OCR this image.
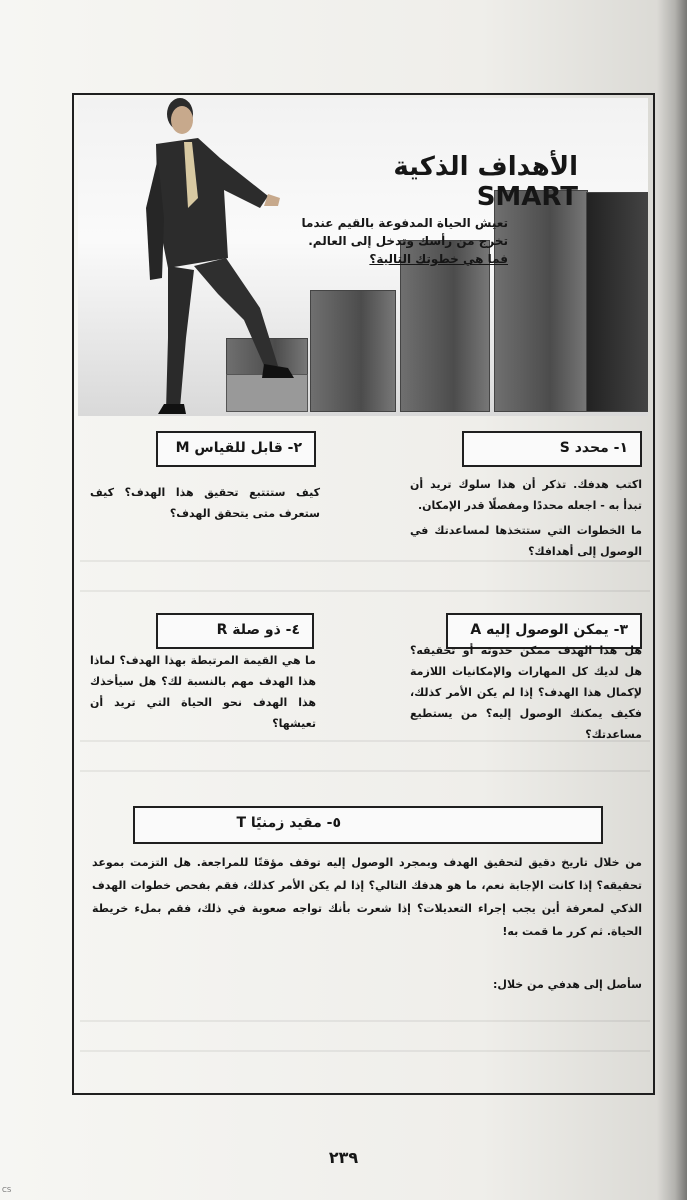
الأهداف الذكية SMART
تعيش الحياة المدفوعة بالقيم عندما
تخرج من رأسك وتدخل إلى العالم.
فما هي خطوتك التالية؟
١- محدد S
٢- قابل للقياس M

اكتب هدفك. تذكر أن هذا سلوك تريد أن تبدأ به - اجعله محددًا ومفصلًا قدر الإمكان.

ما الخطوات التي ستتخذها لمساعدتك في الوصول إلى أهدافك؟

كيف ستتتبع تحقيق هذا الهدف؟ كيف ستعرف متى يتحقق الهدف؟

٣- يمكن الوصول إليه A
٤- ذو صلة R

هل هذا الهدف ممكن حدوثه أو تحقيقه؟ هل لديك كل المهارات والإمكانيات اللازمة لإكمال هذا الهدف؟ إذا لم يكن الأمر كذلك، فكيف يمكنك الوصول إليه؟ من يستطيع مساعدتك؟

ما هي القيمة المرتبطة بهذا الهدف؟ لماذا هذا الهدف مهم بالنسبة لك؟ هل سيأخذك هذا الهدف نحو الحياة التي تريد أن تعيشها؟

٥- مقيد زمنيًا T

من خلال تاريخ دقيق لتحقيق الهدف وبمجرد الوصول إليه توقف مؤقتًا للمراجعة. هل التزمت بموعد تحقيقه؟ إذا كانت الإجابة نعم، ما هو هدفك التالي؟ إذا لم يكن الأمر كذلك، فقم بفحص خطوات الهدف الذكي لمعرفة أين يجب إجراء التعديلات؟ إذا شعرت بأنك تواجه صعوبة في ذلك، فقم بملء خريطة الحياة. ثم كرر ما قمت به!

سأصل إلى هدفي من خلال:
٢٣٩
CS
